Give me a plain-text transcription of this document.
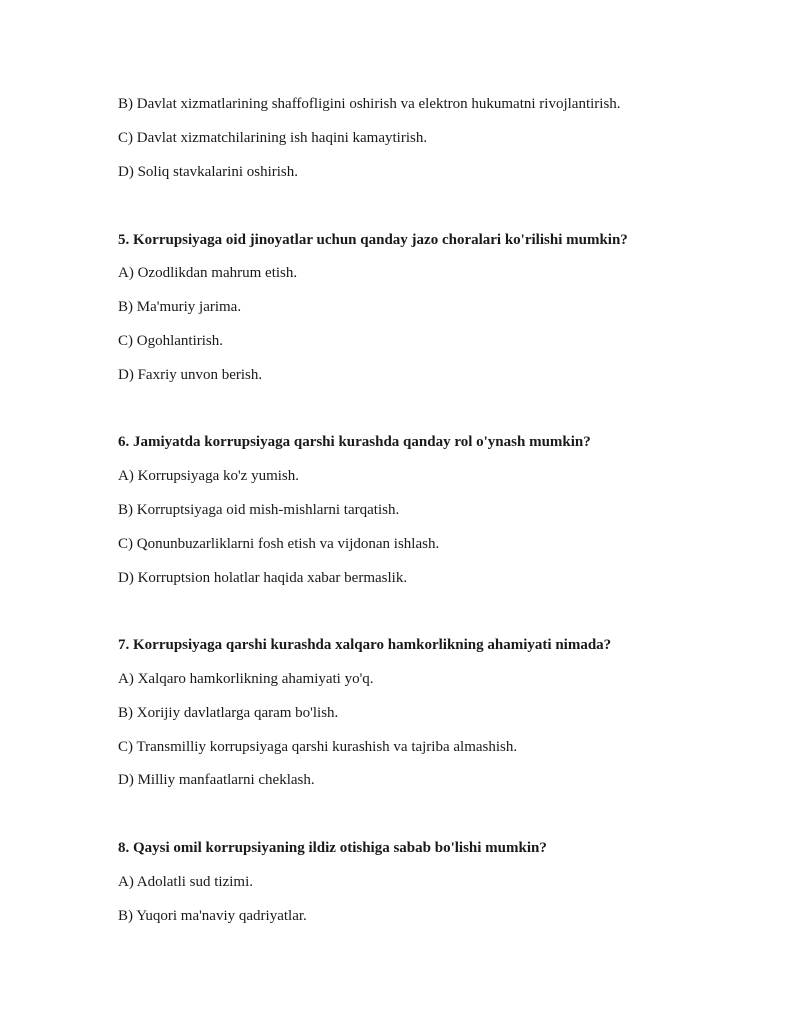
B) Davlat xizmatlarining shaffofligini oshirish va elektron hukumatni rivojlantirish.
C) Davlat xizmatchilarining ish haqini kamaytirish.
D) Soliq stavkalarini oshirish.
5. Korrupsiyaga oid jinoyatlar uchun qanday jazo choralari ko'rilishi mumkin?
A) Ozodlikdan mahrum etish.
B) Ma'muriy jarima.
C) Ogohlantirish.
D) Faxriy unvon berish.
6. Jamiyatda korrupsiyaga qarshi kurashda qanday rol o'ynash mumkin?
A) Korrupsiyaga ko'z yumish.
B) Korruptsiyaga oid mish-mishlarni tarqatish.
C) Qonunbuzarliklarni fosh etish va vijdonan ishlash.
D) Korruptsion holatlar haqida xabar bermaslik.
7. Korrupsiyaga qarshi kurashda xalqaro hamkorlikning ahamiyati nimada?
A) Xalqaro hamkorlikning ahamiyati yo'q.
B) Xorijiy davlatlarga qaram bo'lish.
C) Transmilliy korrupsiyaga qarshi kurashish va tajriba almashish.
D) Milliy manfaatlarni cheklash.
8. Qaysi omil korrupsiyaning ildiz otishiga sabab bo'lishi mumkin?
A) Adolatli sud tizimi.
B) Yuqori ma'naviy qadriyatlar.
